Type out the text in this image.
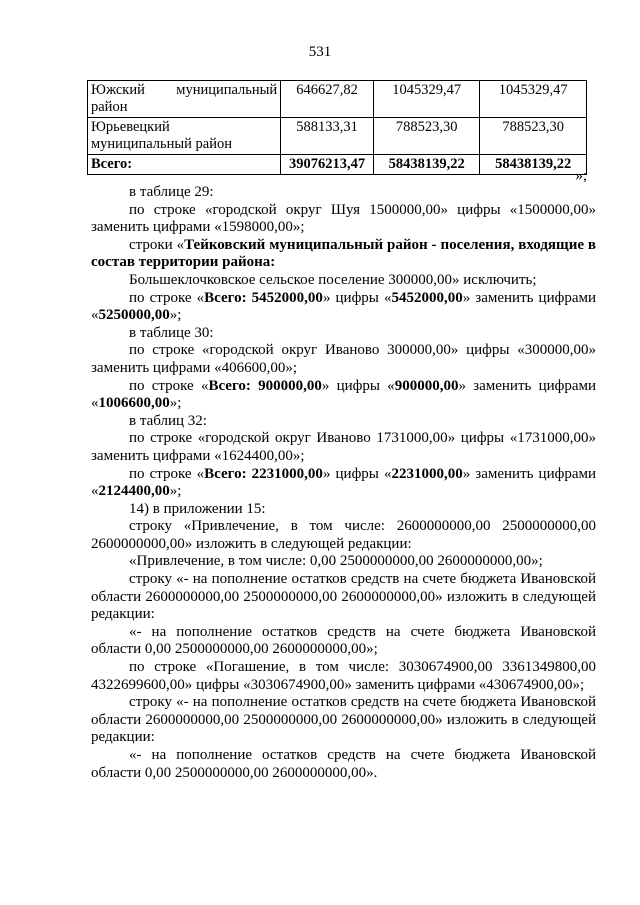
531
Южский муниципальный
район	646627,82	1045329,47	1045329,47

Юрьевецкий
муниципальный район	588133,31	788523,30	788523,30
Всего:	39076213,47	58438139,22	58438139,22
»;

в таблице 29:

по строке «городской округ Шуя 1500000,00» цифры «1500000,00» заменить цифрами «1598000,00»;

строки «Тейковский муниципальный район - поселения, входящие в состав территории района:

Большеклочковское сельское поселение 300000,00» исключить;

по строке «Всего: 5452000,00» цифры «5452000,00» заменить цифрами «5250000,00»;

в таблице 30:

по строке «городской округ Иваново 300000,00» цифры «300000,00» заменить цифрами «406600,00»;

по строке «Всего: 900000,00» цифры «900000,00» заменить цифрами «1006600,00»;

в таблиц 32:

по строке «городской округ Иваново 1731000,00» цифры «1731000,00» заменить цифрами «1624400,00»;

по строке «Всего: 2231000,00» цифры «2231000,00» заменить цифрами «2124400,00»;

14) в приложении 15:

строку «Привлечение, в том числе: 2600000000,00 2500000000,00 2600000000,00» изложить в следующей редакции:

«Привлечение, в том числе: 0,00 2500000000,00 2600000000,00»;

строку «- на пополнение остатков средств на счете бюджета Ивановской области 2600000000,00 2500000000,00 2600000000,00» изложить в следующей редакции:

«- на пополнение остатков средств на счете бюджета Ивановской области 0,00 2500000000,00 2600000000,00»;

по строке «Погашение, в том числе: 3030674900,00 3361349800,00 4322699600,00» цифры «3030674900,00» заменить цифрами «430674900,00»;

строку «- на пополнение остатков средств на счете бюджета Ивановской области 2600000000,00 2500000000,00 2600000000,00» изложить в следующей редакции:

«- на пополнение остатков средств на счете бюджета Ивановской области 0,00 2500000000,00 2600000000,00».
